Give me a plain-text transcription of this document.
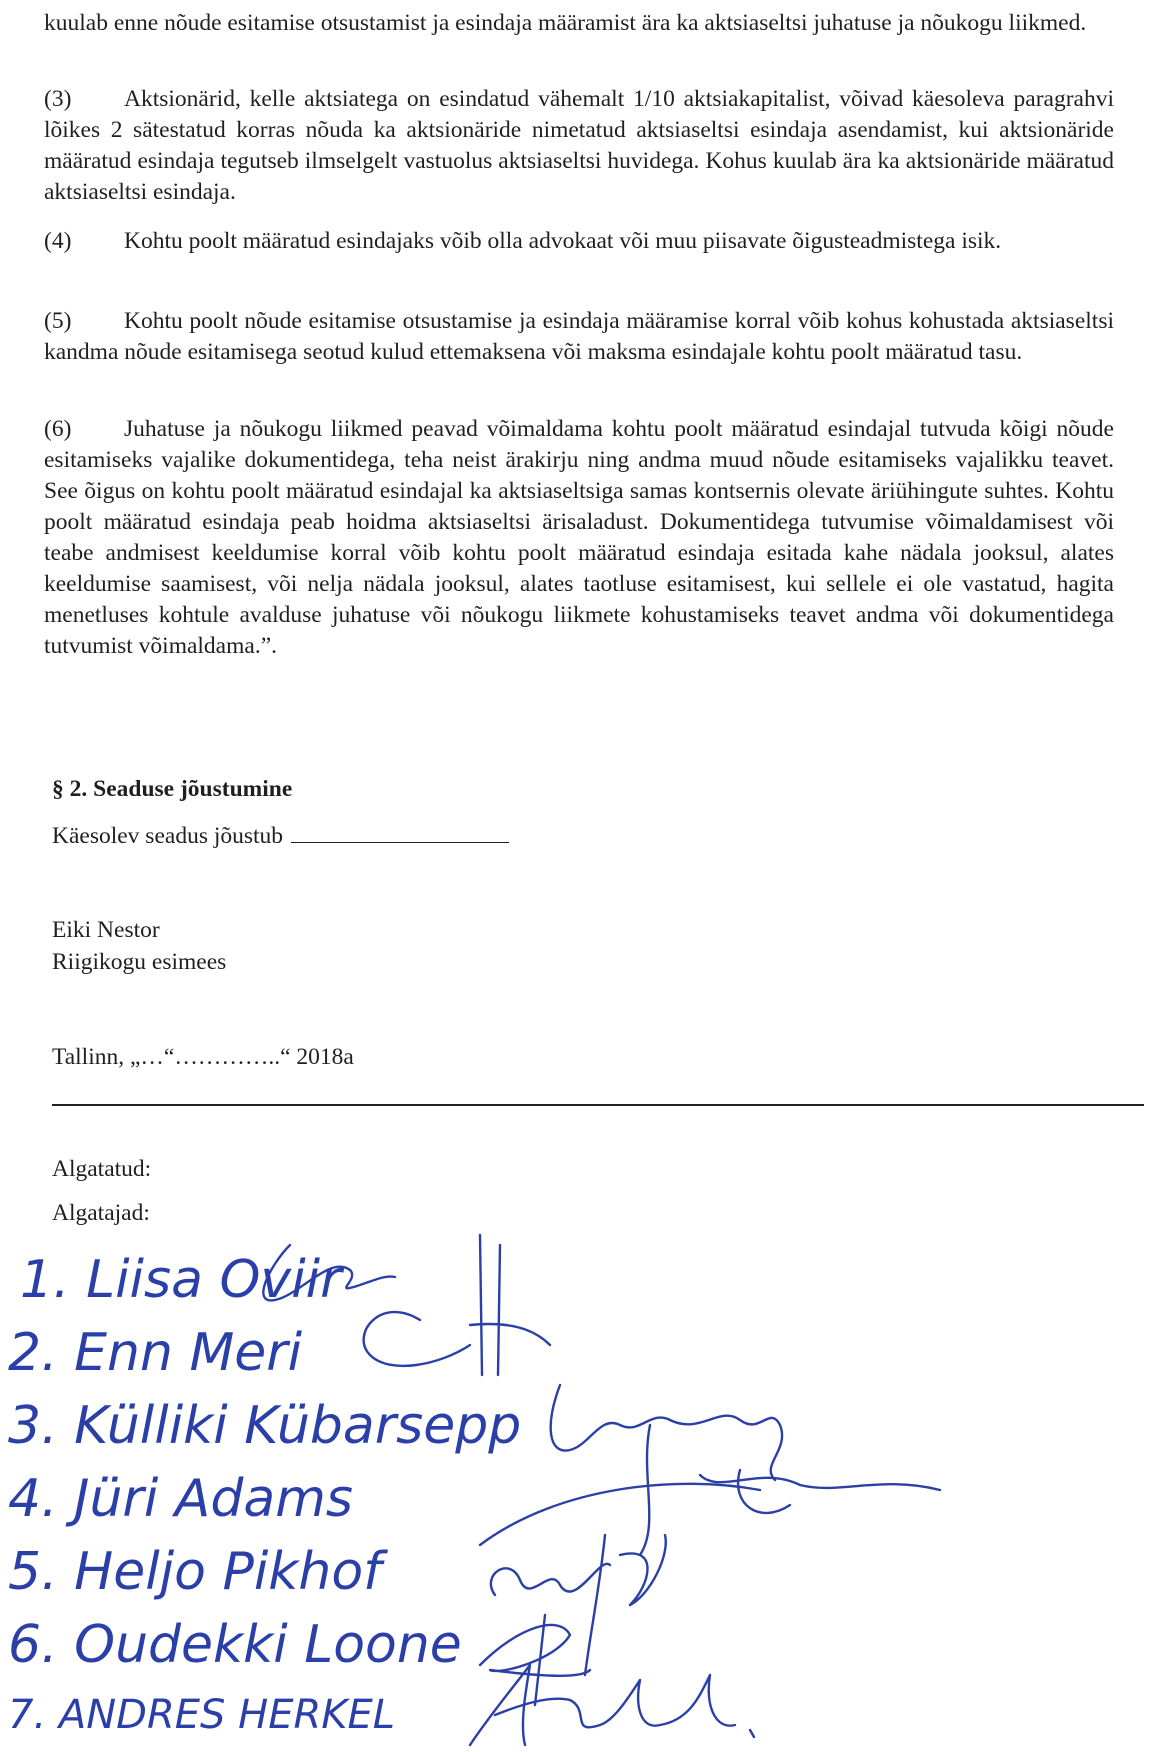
kuulab enne nõude esitamise otsustamist ja esindaja määramist ära ka aktsiaseltsi juhatuse ja nõukogu liikmed.

(3) Aktsionärid, kelle aktsiatega on esindatud vähemalt 1/10 aktsiakapitalist, võivad käesoleva paragrahvi lõikes 2 sätestatud korras nõuda ka aktsionäride nimetatud aktsiaseltsi esindaja asendamist, kui aktsionäride määratud esindaja tegutseb ilmselgelt vastuolus aktsiaseltsi huvidega. Kohus kuulab ära ka aktsionäride määratud aktsiaseltsi esindaja.

(4) Kohtu poolt määratud esindajaks võib olla advokaat või muu piisavate õigusteadmistega isik.

(5) Kohtu poolt nõude esitamise otsustamise ja esindaja määramise korral võib kohus kohustada aktsiaseltsi kandma nõude esitamisega seotud kulud ettemaksena või maksma esindajale kohtu poolt määratud tasu.

(6) Juhatuse ja nõukogu liikmed peavad võimaldama kohtu poolt määratud esindajal tutvuda kõigi nõude esitamiseks vajalike dokumentidega, teha neist ärakirju ning andma muud nõude esitamiseks vajalikku teavet. See õigus on kohtu poolt määratud esindajal ka aktsiaseltsiga samas kontsernis olevate äriühingute suhtes. Kohtu poolt määratud esindaja peab hoidma aktsiaseltsi ärisaladust. Dokumentidega tutvumise võimaldamisest või teabe andmisest keeldumise korral võib kohtu poolt määratud esindaja esitada kahe nädala jooksul, alates keeldumise saamisest, või nelja nädala jooksul, alates taotluse esitamisest, kui sellele ei ole vastatud, hagita menetluses kohtule avalduse juhatuse või nõukogu liikmete kohustamiseks teavet andma või dokumentidega tutvumist võimaldama.”.

§ 2. Seaduse jõustumine

Käesolev seadus jõustub

Eiki Nestor

Riigikogu esimees

Tallinn, „…“…………..“ 2018a

Algatatud:

Algatajad:

1. Liisa Oviir
2. Enn Meri
3. Külliki Kübarsepp
4. Jüri Adams
5. Heljo Pikhof
6. Oudekki Loone
7. ANDRES HERKEL
